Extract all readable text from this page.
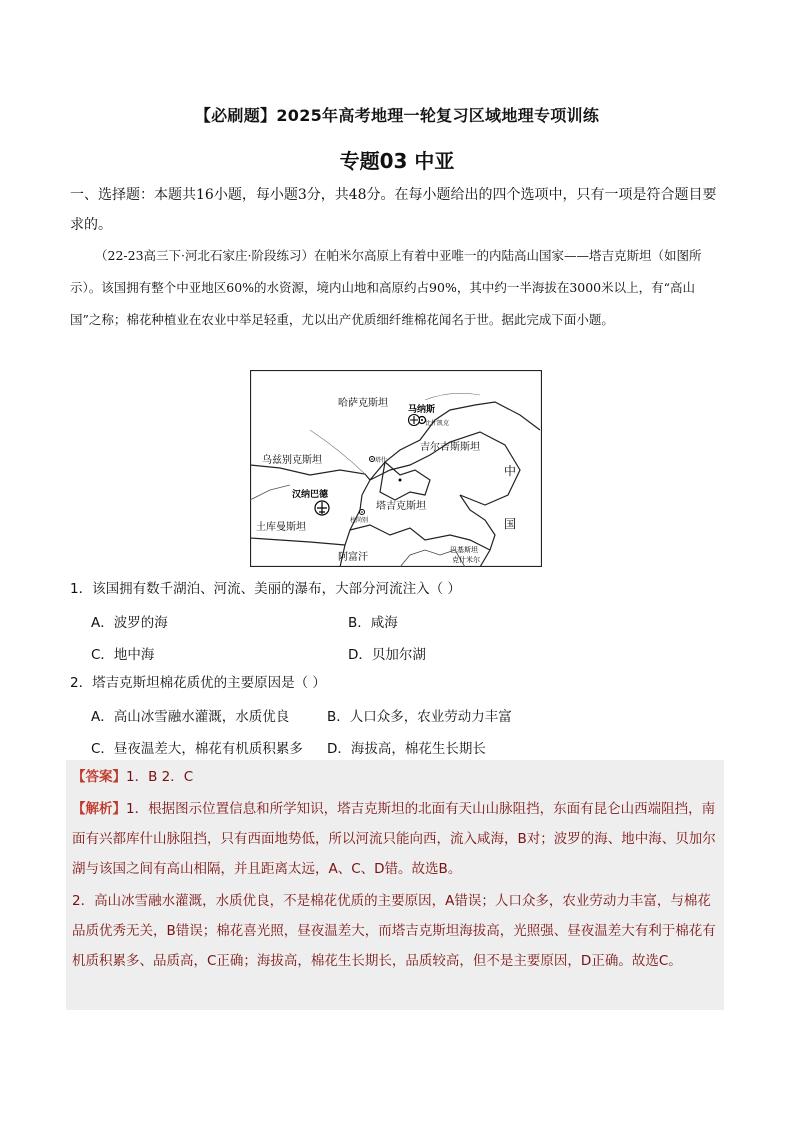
【必刷题】2025年高考地理一轮复习区域地理专项训练
专题03 中亚
一、选择题：本题共16小题，每小题3分，共48分。在每小题给出的四个选项中，只有一项是符合题目要求的。
（22-23高三下·河北石家庄·阶段练习）在帕米尔高原上有着中亚唯一的内陆高山国家——塔吉克斯坦（如图所示）。该国拥有整个中亚地区60%的水资源，境内山地和高原约占90%，其中约一半海拔在3000米以上，有“高山国”之称；棉花种植业在农业中举足轻重，尤以出产优质细纤维棉花闻名于世。据此完成下面小题。
哈萨克斯坦
马纳斯
比什凯克
吉尔吉斯斯坦
乌兹别克斯坦
中
国
塔什
汉纳巴德
塔吉克斯坦
杜尚别
土库曼斯坦
阿富汗
巴基斯坦
克什米尔
1．该国拥有数千湖泊、河流、美丽的瀑布，大部分河流注入（ ）
A．波罗的海	B．咸海
C．地中海	D．贝加尔湖
2．塔吉克斯坦棉花质优的主要原因是（ ）
A．高山冰雪融水灌溉，水质优良	B．人口众多，农业劳动力丰富
C．昼夜温差大，棉花有机质积累多 D．海拔高，棉花生长期长
【答案】1．B 2．C
【解析】1．根据图示位置信息和所学知识，塔吉克斯坦的北面有天山山脉阻挡，东面有昆仑山西端阻挡，南面有兴都库什山脉阻挡，只有西面地势低，所以河流只能向西，流入咸海，B对；波罗的海、地中海、贝加尔湖与该国之间有高山相隔，并且距离太远，A、C、D错。故选B。
2．高山冰雪融水灌溉，水质优良，不是棉花优质的主要原因，A错误；人口众多，农业劳动力丰富，与棉花品质优秀无关，B错误；棉花喜光照，昼夜温差大，而塔吉克斯坦海拔高，光照强、昼夜温差大有利于棉花有机质积累多、品质高，C正确；海拔高，棉花生长期长，品质较高，但不是主要原因，D正确。故选C。
